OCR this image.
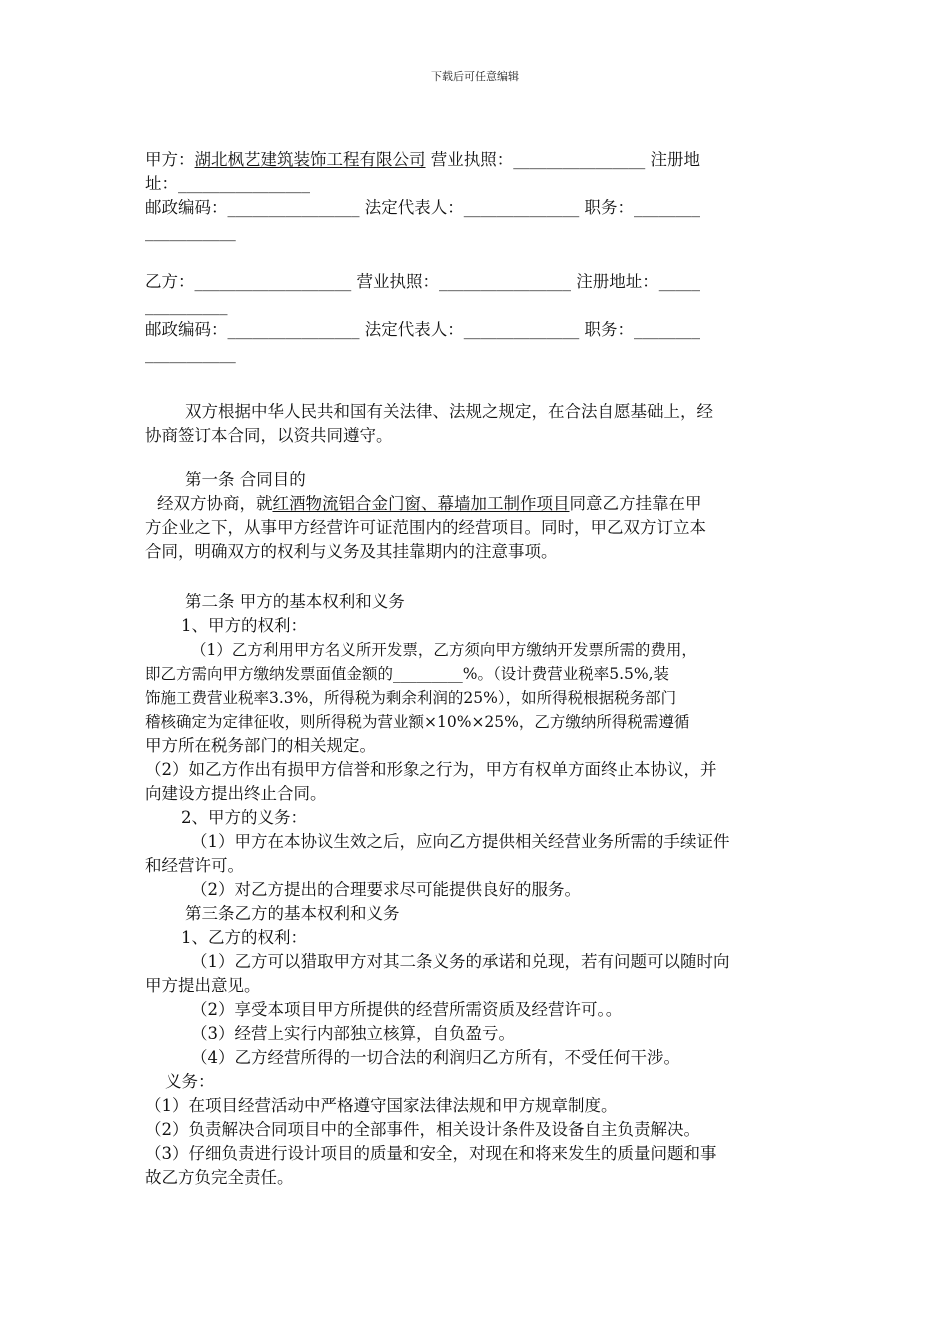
下载后可任意编辑
甲方：湖北枫艺建筑装饰工程有限公司 营业执照：________________ 注册地
址：________________
邮政编码：________________ 法定代表人：______________ 职务：________
___________
乙方：___________________ 营业执照：________________ 注册地址：_____
__________
邮政编码：________________ 法定代表人：______________ 职务：________
___________
双方根据中华人民共和国有关法律、法规之规定，在合法自愿基础上，经
协商签订本合同，以资共同遵守。
第一条 合同目的
经双方协商，就红酒物流铝合金门窗、幕墙加工制作项目同意乙方挂靠在甲
方企业之下，从事甲方经营许可证范围内的经营项目。同时，甲乙双方订立本
合同，明确双方的权利与义务及其挂靠期内的注意事项。
第二条 甲方的基本权利和义务
1、甲方的权利：
（1）乙方利用甲方名义所开发票，乙方须向甲方缴纳开发票所需的费用，
即乙方需向甲方缴纳发票面值金额的_________%。（设计费营业税率5.5%,装
饰施工费营业税率3.3%，所得税为剩余利润的25%），如所得税根据税务部门
稽核确定为定律征收，则所得税为营业额×10%×25%，乙方缴纳所得税需遵循
甲方所在税务部门的相关规定。
（2）如乙方作出有损甲方信誉和形象之行为，甲方有权单方面终止本协议，并
向建设方提出终止合同。
2、甲方的义务：
（1）甲方在本协议生效之后，应向乙方提供相关经营业务所需的手续证件
和经营许可。
（2）对乙方提出的合理要求尽可能提供良好的服务。
第三条乙方的基本权利和义务
1、乙方的权利：
（1）乙方可以猎取甲方对其二条义务的承诺和兑现，若有问题可以随时向
甲方提出意见。
（2）享受本项目甲方所提供的经营所需资质及经营许可。。
（3）经营上实行内部独立核算，自负盈亏。
（4）乙方经营所得的一切合法的利润归乙方所有，不受任何干涉。
义务：
（1）在项目经营活动中严格遵守国家法律法规和甲方规章制度。
（2）负责解决合同项目中的全部事件，相关设计条件及设备自主负责解决。
（3）仔细负责进行设计项目的质量和安全，对现在和将来发生的质量问题和事
故乙方负完全责任。
